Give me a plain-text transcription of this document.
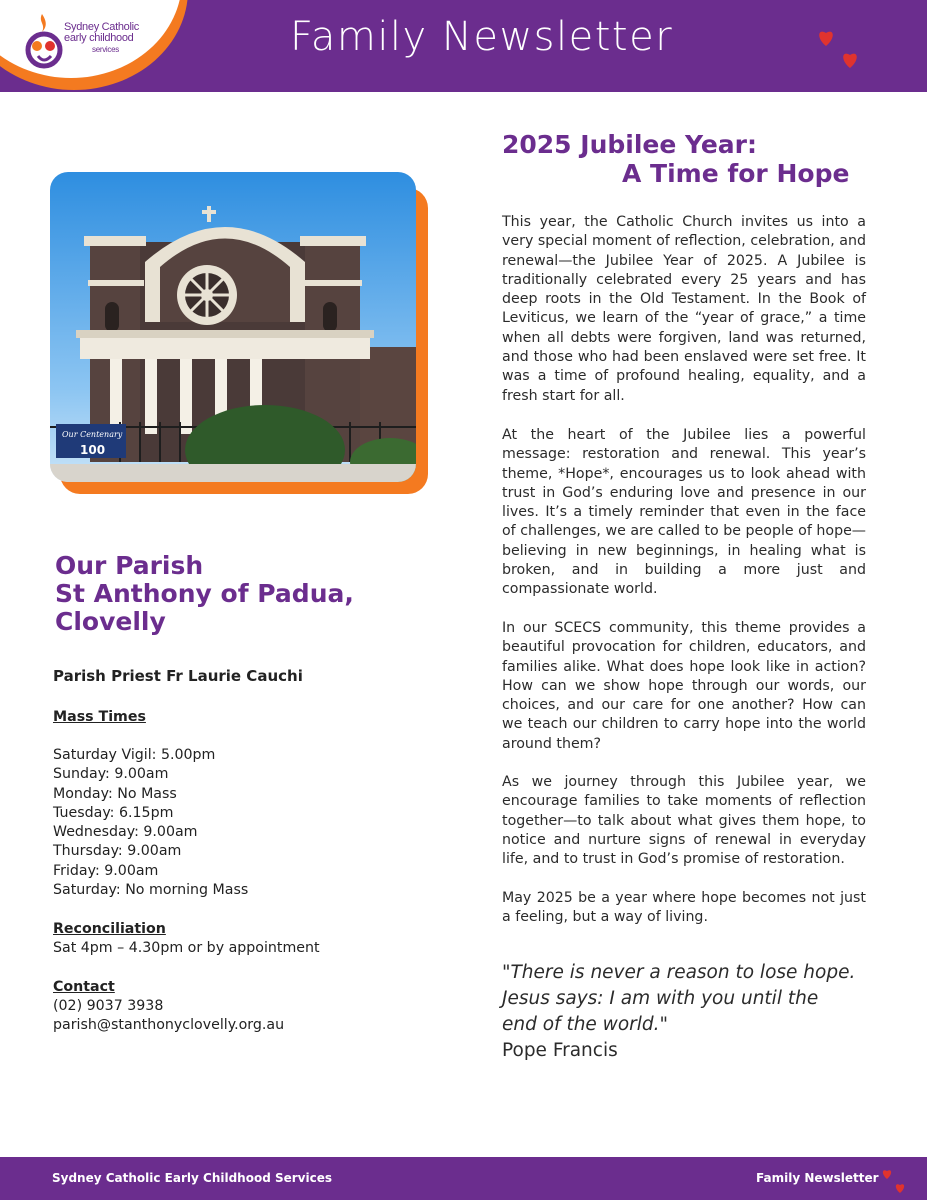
Sydney Catholic
early childhood
services	Family Newsletter
Our Centenary
100
Our Parish
St Anthony of Padua,
Clovelly
Parish Priest Fr Laurie Cauchi
Mass Times
Saturday Vigil: 5.00pm
Sunday: 9.00am
Monday: No Mass
Tuesday: 6.15pm
Wednesday: 9.00am
Thursday: 9.00am
Friday: 9.00am
Saturday: No morning Mass
Reconciliation
Sat 4pm – 4.30pm or by appointment
Contact
(02) 9037 3938
parish@stanthonyclovelly.org.au
2025 Jubilee Year:
A Time for Hope
This year, the Catholic Church invites us into a very special moment of reflection, celebration, and renewal—the Jubilee Year of 2025. A Jubilee is traditionally celebrated every 25 years and has deep roots in the Old Testament. In the Book of Leviticus, we learn of the “year of grace,” a time when all debts were forgiven, land was returned, and those who had been enslaved were set free. It was a time of profound healing, equality, and a fresh start for all.
At the heart of the Jubilee lies a powerful message: restoration and renewal. This year’s theme, *Hope*, encourages us to look ahead with trust in God’s enduring love and presence in our lives. It’s a timely reminder that even in the face of challenges, we are called to be people of hope—believing in new beginnings, in healing what is broken, and in building a more just and compassionate world.
In our SCECS community, this theme provides a beautiful provocation for children, educators, and families alike. What does hope look like in action? How can we show hope through our words, our choices, and our care for one another? How can we teach our children to carry hope into the world around them?
As we journey through this Jubilee year, we encourage families to take moments of reflection together—to talk about what gives them hope, to notice and nurture signs of renewal in everyday life, and to trust in God’s promise of restoration.
May 2025 be a year where hope becomes not just a feeling, but a way of living.
"There is never a reason to lose hope.
Jesus says: I am with you until the
end of the world."
Pope Francis
Sydney Catholic Early Childhood Services	Family Newsletter
